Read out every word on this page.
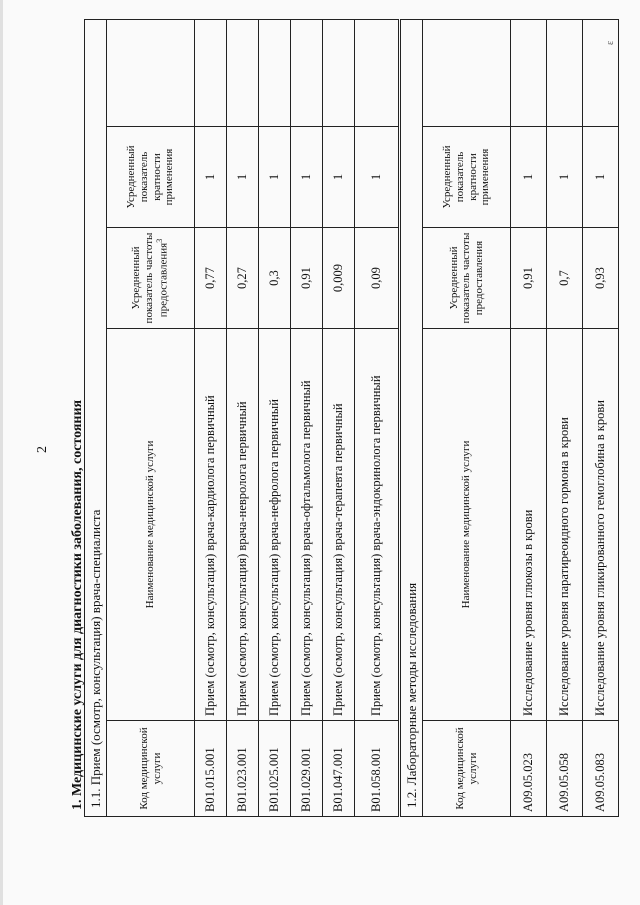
2
ε
1. Медицинские услуги для диагностики заболевания, состояния 1.1. Прием (осмотр, консультация) врача-специалиста				
Код медицинской услуги	Наименование медицинской услуги	Усредненный показатель частоты предоставления$^3$	Усредненный показатель кратности применения	
B01.015.001	Прием (осмотр, консультация) врача-кардиолога первичный	0,77	1	
B01.023.001	Прием (осмотр, консультация) врача-невролога первичный	0,27	1	
B01.025.001	Прием (осмотр, консультация) врача-нефролога первичный	0,3	1	
B01.029.001	Прием (осмотр, консультация) врача-офтальмолога первичный	0,91	1	
B01.047.001	Прием (осмотр, консультация) врача-терапевта первичный	0,009	1	
B01.058.001	Прием (осмотр, консультация) врача-эндокринолога первичный	0,09	1	
1.2. Лабораторные методы исследования				
Код медицинской услуги	Наименование медицинской услуги	Усредненный показатель частоты предоставления	Усредненный показатель кратности применения	
A09.05.023	Исследование уровня глюкозы в крови	0,91	1	
A09.05.058	Исследование уровня паратиреоидного гормона в крови	0,7	1	
A09.05.083	Исследование уровня гликированного гемоглобина в крови	0,93	1	
